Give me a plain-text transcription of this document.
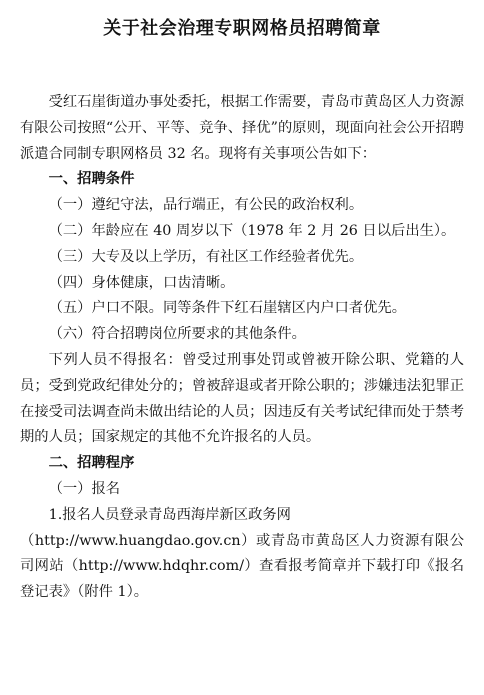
关于社会治理专职网格员招聘简章

受红石崖街道办事处委托，根据工作需要，青岛市黄岛区人力资源有限公司按照“公开、平等、竞争、择优”的原则，现面向社会公开招聘派遣合同制专职网格员 32 名。现将有关事项公告如下：

一、招聘条件

（一）遵纪守法，品行端正，有公民的政治权利。

（二）年龄应在 40 周岁以下（1978 年 2 月 26 日以后出生）。

（三）大专及以上学历，有社区工作经验者优先。

（四）身体健康，口齿清晰。

（五）户口不限。同等条件下红石崖辖区内户口者优先。

（六）符合招聘岗位所要求的其他条件。

下列人员不得报名：曾受过刑事处罚或曾被开除公职、党籍的人员；受到党政纪律处分的；曾被辞退或者开除公职的；涉嫌违法犯罪正在接受司法调查尚未做出结论的人员；因违反有关考试纪律而处于禁考期的人员；国家规定的其他不允许报名的人员。

二、招聘程序

（一）报名

1.报名人员登录青岛西海岸新区政务网

（http://www.huangdao.gov.cn）或青岛市黄岛区人力资源有限公司网站（http://www.hdqhr.com/）查看报考简章并下载打印《报名登记表》（附件 1）。
